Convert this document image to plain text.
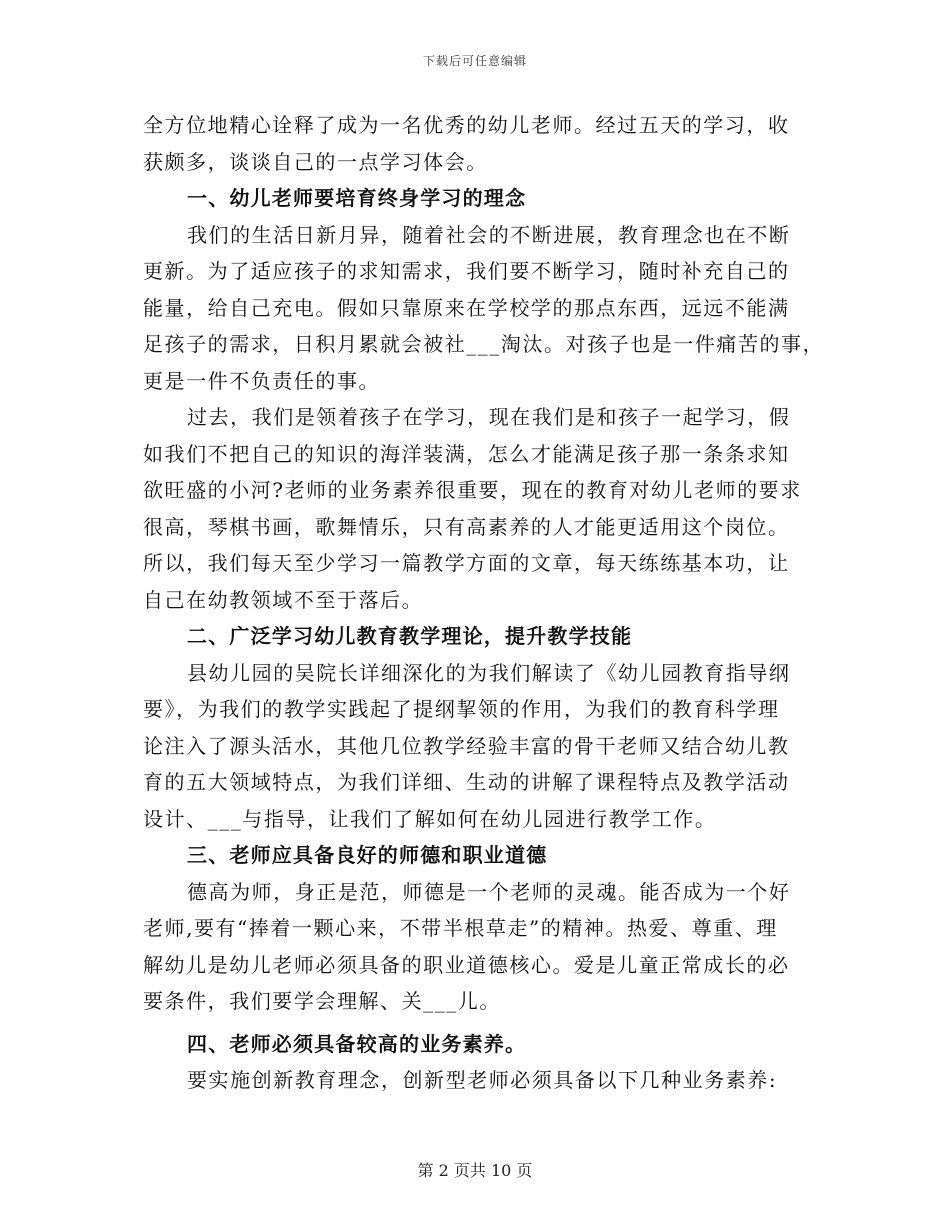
下载后可任意编辑
全方位地精心诠释了成为一名优秀的幼儿老师。经过五天的学习，收
获颇多，谈谈自己的一点学习体会。
一、幼儿老师要培育终身学习的理念
我们的生活日新月异，随着社会的不断进展，教育理念也在不断
更新。为了适应孩子的求知需求，我们要不断学习，随时补充自己的
能量，给自己充电。假如只靠原来在学校学的那点东西，远远不能满
足孩子的需求，日积月累就会被社___淘汰。对孩子也是一件痛苦的事，
更是一件不负责任的事。
过去，我们是领着孩子在学习，现在我们是和孩子一起学习，假
如我们不把自己的知识的海洋装满，怎么才能满足孩子那一条条求知
欲旺盛的小河?老师的业务素养很重要，现在的教育对幼儿老师的要求
很高，琴棋书画，歌舞情乐，只有高素养的人才能更适用这个岗位。
所以，我们每天至少学习一篇教学方面的文章，每天练练基本功，让
自己在幼教领域不至于落后。
二、广泛学习幼儿教育教学理论，提升教学技能
县幼儿园的吴院长详细深化的为我们解读了《幼儿园教育指导纲
要》，为我们的教学实践起了提纲挈领的作用，为我们的教育科学理
论注入了源头活水，其他几位教学经验丰富的骨干老师又结合幼儿教
育的五大领域特点，为我们详细、生动的讲解了课程特点及教学活动
设计、___与指导，让我们了解如何在幼儿园进行教学工作。
三、老师应具备良好的师德和职业道德
德高为师，身正是范，师德是一个老师的灵魂。能否成为一个好
老师,要有“捧着一颗心来，不带半根草走”的精神。热爱、尊重、理
解幼儿是幼儿老师必须具备的职业道德核心。爱是儿童正常成长的必
要条件，我们要学会理解、关___儿。
四、老师必须具备较高的业务素养。
要实施创新教育理念，创新型老师必须具备以下几种业务素养:
第 2 页共 10 页
